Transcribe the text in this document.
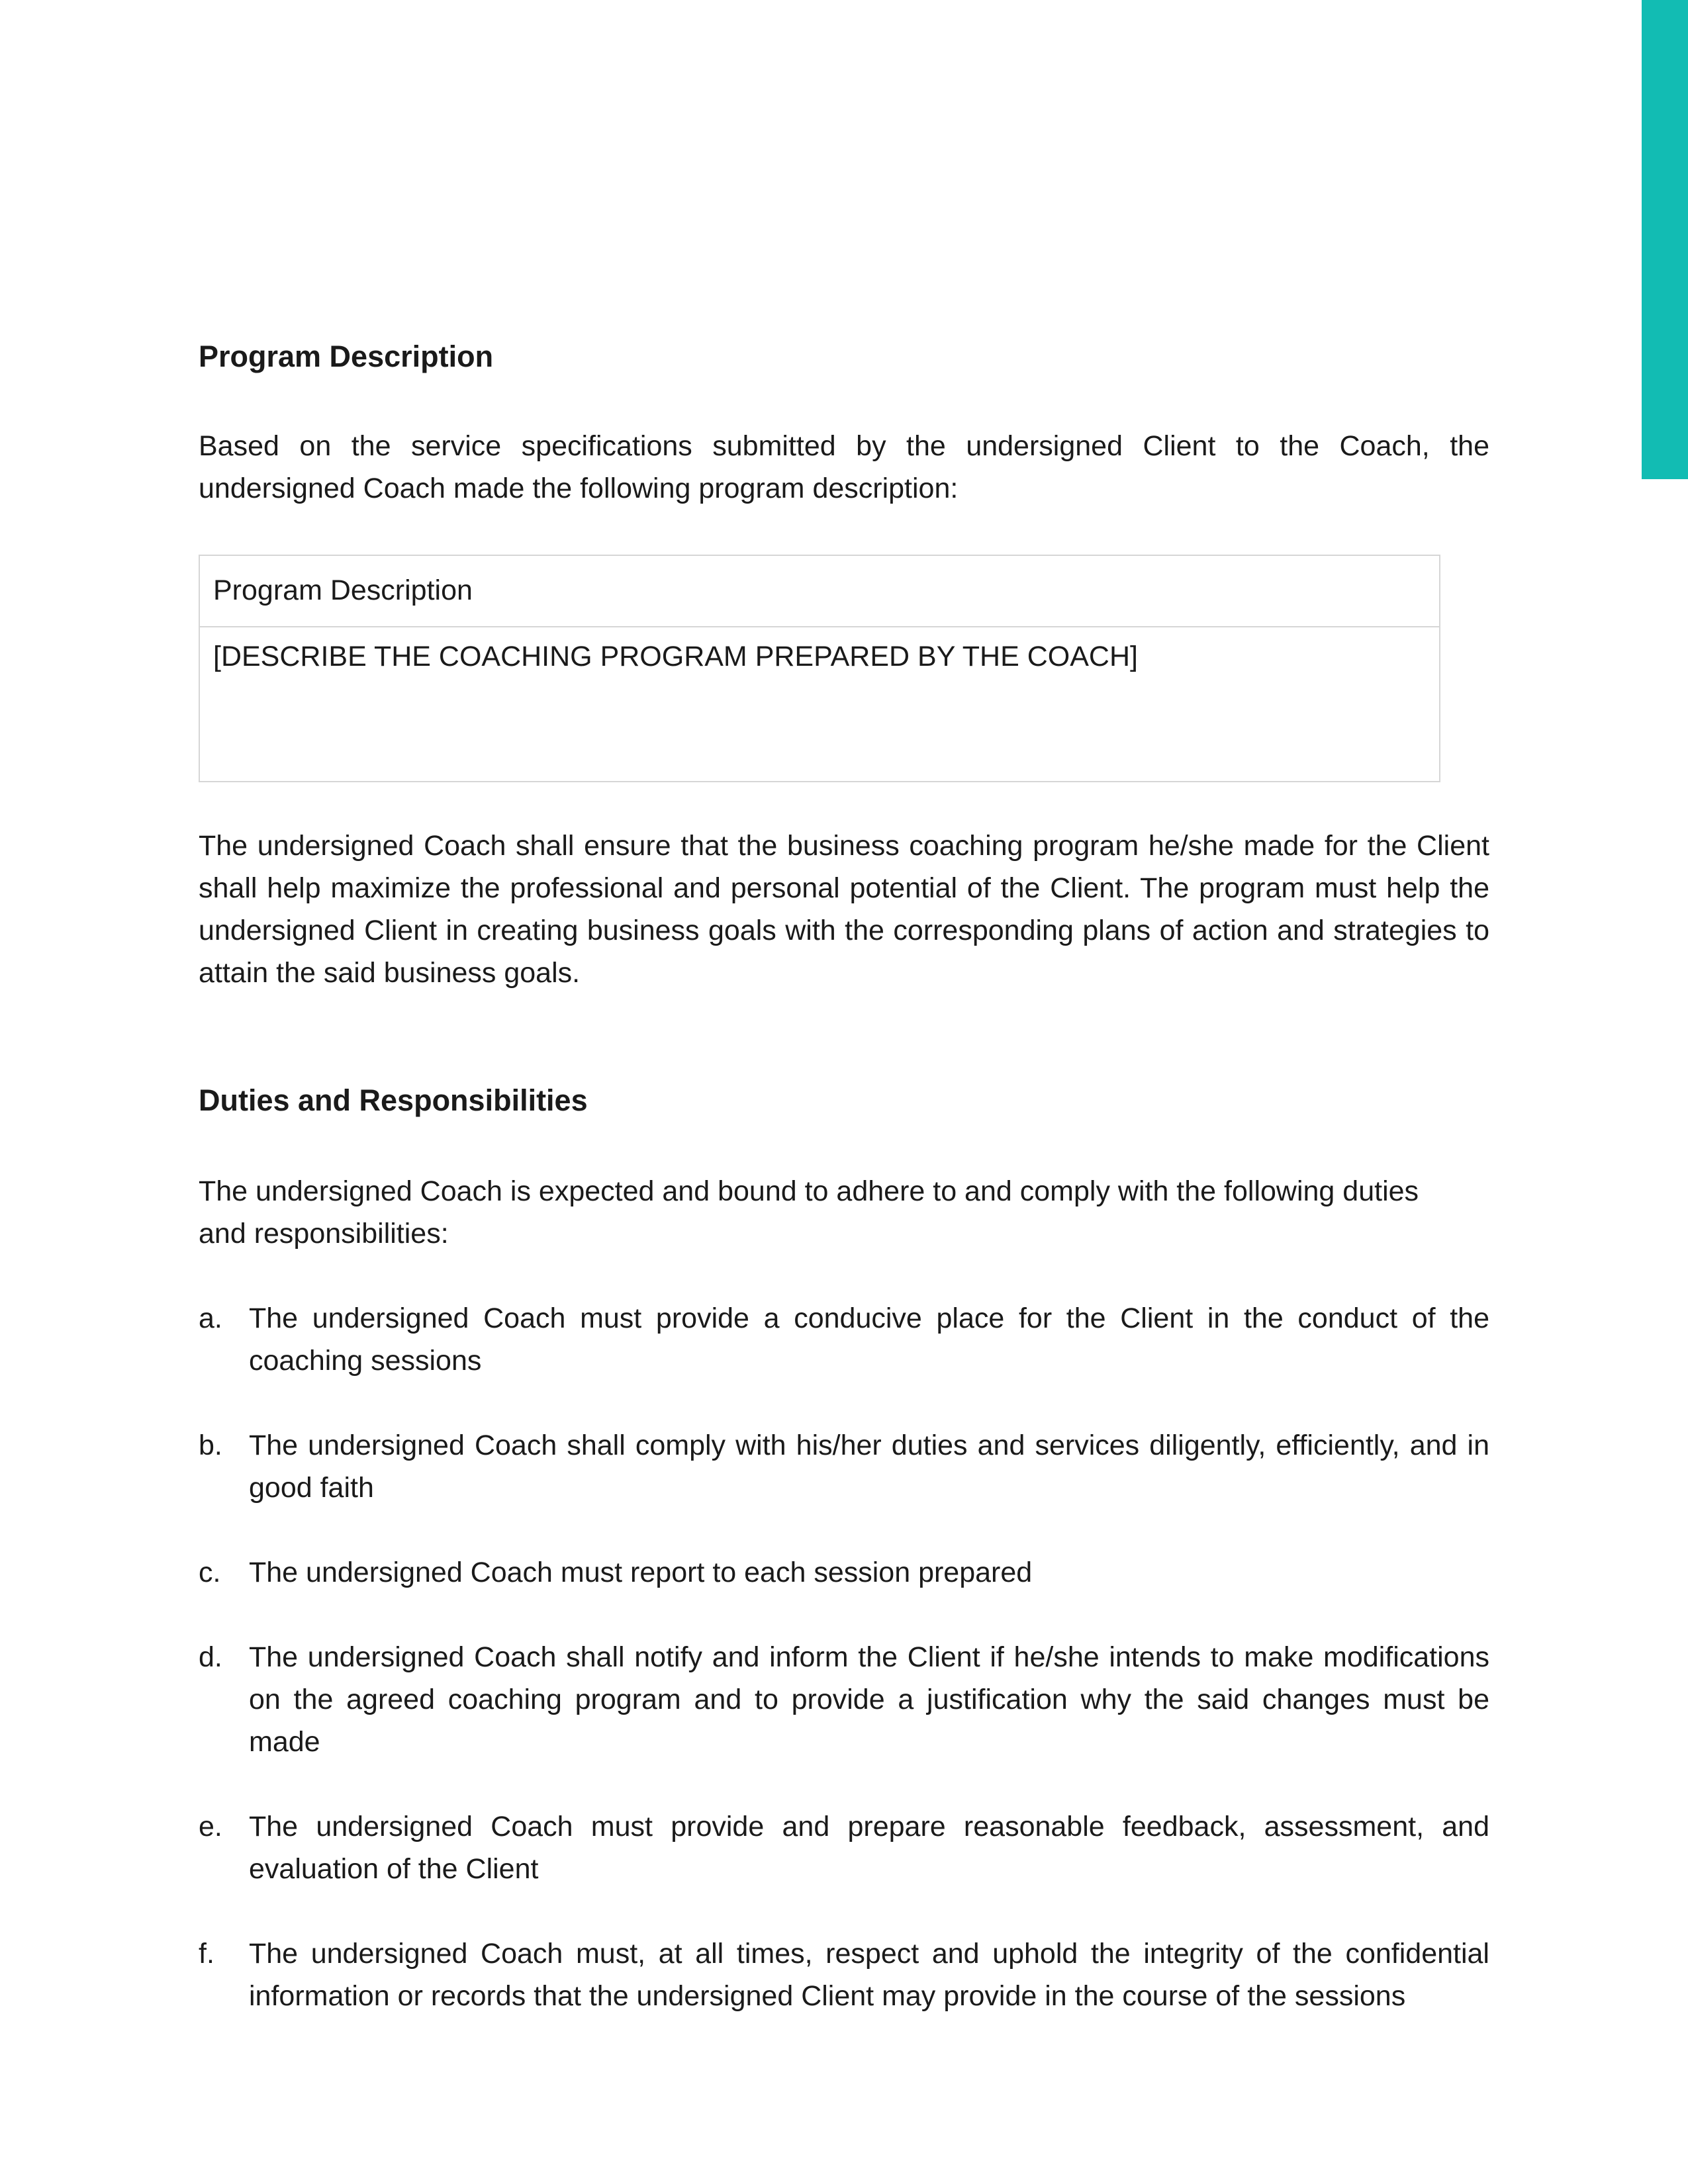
Program Description

Based on the service specifications submitted by the undersigned Client to the Coach, the undersigned Coach made the following program description:

Program Description
[DESCRIBE THE COACHING PROGRAM PREPARED BY THE COACH]

The undersigned Coach shall ensure that the business coaching program he/she made for the Client shall help maximize the professional and personal potential of the Client. The program must help the undersigned Client in creating business goals with the corresponding plans of action and strategies to attain the said business goals.

Duties and Responsibilities

The undersigned Coach is expected and bound to adhere to and comply with the following duties and responsibilities:

a. The undersigned Coach must provide a conducive place for the Client in the conduct of the coaching sessions
b. The undersigned Coach shall comply with his/her duties and services diligently, efficiently, and in good faith
c. The undersigned Coach must report to each session prepared
d. The undersigned Coach shall notify and inform the Client if he/she intends to make modifications on the agreed coaching program and to provide a justification why the said changes must be made
e. The undersigned Coach must provide and prepare reasonable feedback, assessment, and evaluation of the Client
f. The undersigned Coach must, at all times, respect and uphold the integrity of the confidential information or records that the undersigned Client may provide in the course of the sessions
